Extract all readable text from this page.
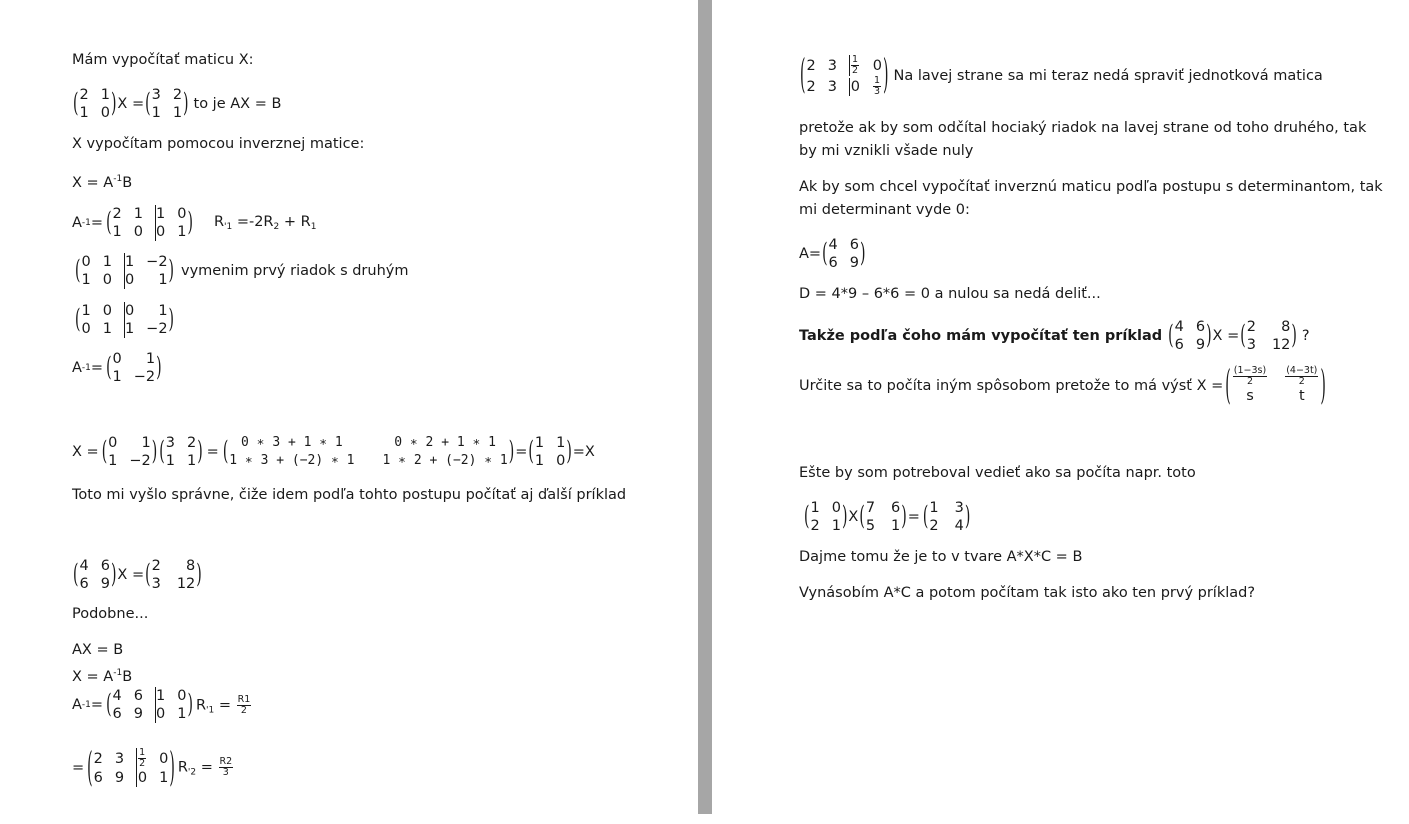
Mám vypočítať maticu X:
( 2 1
1 0 ) X = ( 3 2
1 1 ) to je AX = B
X vypočítam pomocou inverznej matice:
$X = A^{-1}B$
A -1 = ( 2 1 1 0
1 0 0 1 ) $R_{'1} =-2R_2 + R_1$
( 0 1 1 −2
1 0 0	1 ) vymenim prvý riadok s druhým
( 1 0 0	1
0 1 1 −2 )
A -1 = ( 0	1
1 −2 )
X = ( 0	1
1 −2 ) ( 3 2
1 1 ) = ( 0 ∗ 3 + 1 ∗ 1	0 ∗ 2 + 1 ∗ 1
1 ∗ 3 + (−2) ∗ 1 1 ∗ 2 + (−2) ∗ 1 ) = ( 1 1
1 0 ) =X
Toto mi vyšlo správne, čiže idem podľa tohto postupu počítať aj ďalší príklad
( 4 6
6 9 ) X = ( 2	8
3 12 )
Podobne...
AX = B
$X = A^{-1}B$
A -1 = ( 4 6 1 0
6 9 0 1 ) $R_{'1} = \frac{R1}{2}$
= ( 2 $3 \frac{1}{2} 0$
6 9 0 1 ) $R_{'2} = \frac{R2}{3}$
( 2 $3 \frac{1}{2} 0$
2 3 $0 \frac{1}{3}$ ) Na lavej strane sa mi teraz nedá spraviť jednotková matica
pretože ak by som odčítal hociaký riadok na lavej strane od toho druhého, tak
by mi vznikli všade nuly
Ak by som chcel vypočítať inverznú maticu podľa postupu s determinantom, tak
mi determinant vyde 0:
A= ( 4 6
6 9 )
D = 4*9 – 6*6 = 0 a nulou sa nedá deliť...
Takže podľa čoho mám vypočítať ten príklad ( 4 6
6 9 ) X = ( 2	8
3 12 ) ?
Určite sa to počíta iným spôsobom pretože to má výsť X = ( $\frac{(1-3s)}{2} \frac{(4-3t)}{2}$
s	t	)
Ešte by som potreboval vedieť ako sa počíta napr. toto
( 1 0
2 1 ) X ( 7 6
5 1 ) = ( 1 3
2 4 )
Dajme tomu že je to v tvare A*X*C = B
Vynásobím A*C a potom počítam tak isto ako ten prvý príklad?
